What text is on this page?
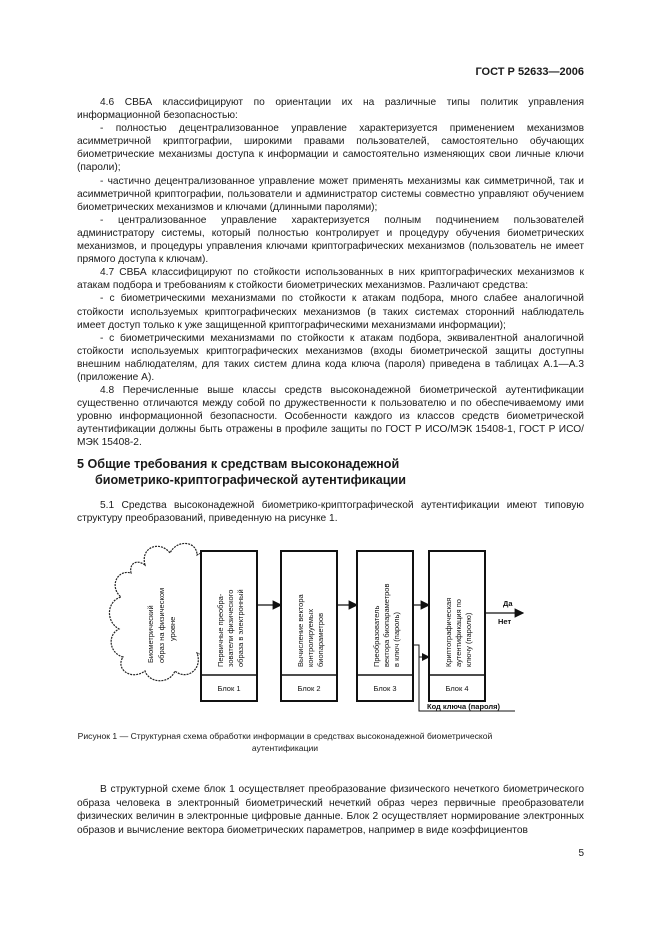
ГОСТ Р 52633—2006

4.6 СВБА классифицируют по ориентации их на различные типы политик управления информационной безопасностью:

- полностью децентрализованное управление характеризуется применением механизмов асимметричной криптографии, широкими правами пользователей, самостоятельно обучающих биометрические механизмы доступа к информации и самостоятельно изменяющих свои личные ключи (пароли);

- частично децентрализованное управление может применять механизмы как симметричной, так и асимметричной криптографии, пользователи и администратор системы совместно управляют обучением биометрических механизмов и ключами (длинными паролями);

- централизованное управление характеризуется полным подчинением пользователей администратору системы, который полностью контролирует и процедуру обучения биометрических механизмов, и процедуры управления ключами криптографических механизмов (пользователь не имеет прямого доступа к ключам).

4.7 СВБА классифицируют по стойкости использованных в них криптографических механизмов к атакам подбора и требованиям к стойкости биометрических механизмов. Различают средства:

- с биометрическими механизмами по стойкости к атакам подбора, много слабее аналогичной стойкости используемых криптографических механизмов (в таких системах сторонний наблюдатель имеет доступ только к уже защищенной криптографическими механизмами информации);

- с биометрическими механизмами по стойкости к атакам подбора, эквивалентной аналогичной стойкости используемых криптографических механизмов (входы биометрической защиты доступны внешним наблюдателям, для таких систем длина кода ключа (пароля) приведена в таблицах А.1—А.3 (приложение А).

4.8 Перечисленные выше классы средств высоконадежной биометрической аутентификации существенно отличаются между собой по дружественности к пользователю и по обеспечиваемому ими уровню информационной безопасности. Особенности каждого из классов средств биометрической аутентификации должны быть отражены в профиле защиты по ГОСТ Р ИСО/МЭК 15408-1, ГОСТ Р ИСО/МЭК 15408-2.

5 Общие требования к средствам высоконадежной
биометрико-криптографической аутентификации

5.1 Средства высоконадежной биометрико-криптографической аутентификации имеют типовую структуру преобразований, приведенную на рисунке 1.

Биометрический образ на физическом уровне	Первичные преобра- зователи физического образа в электронный
Блок 1
Вычисление вектора контролируемых биопараметров
Блок 2
Преобразователь вектора биопараметров в ключ (пароль)
Блок 3
Криптографическая аутентификация по ключу (паролю)
Блок 4
Да
Нет
Код ключа (пароля)
Рисунок 1 — Структурная схема обработки информации в средствах высоконадежной биометрической
аутентификации

В структурной схеме блок 1 осуществляет преобразование физического нечеткого биометрического образа человека в электронный биометрический нечеткий образ через первичные преобразователи физических величин в электронные цифровые данные. Блок 2 осуществляет нормирование электронных образов и вычисление вектора биометрических параметров, например в виде коэффициентов

5
